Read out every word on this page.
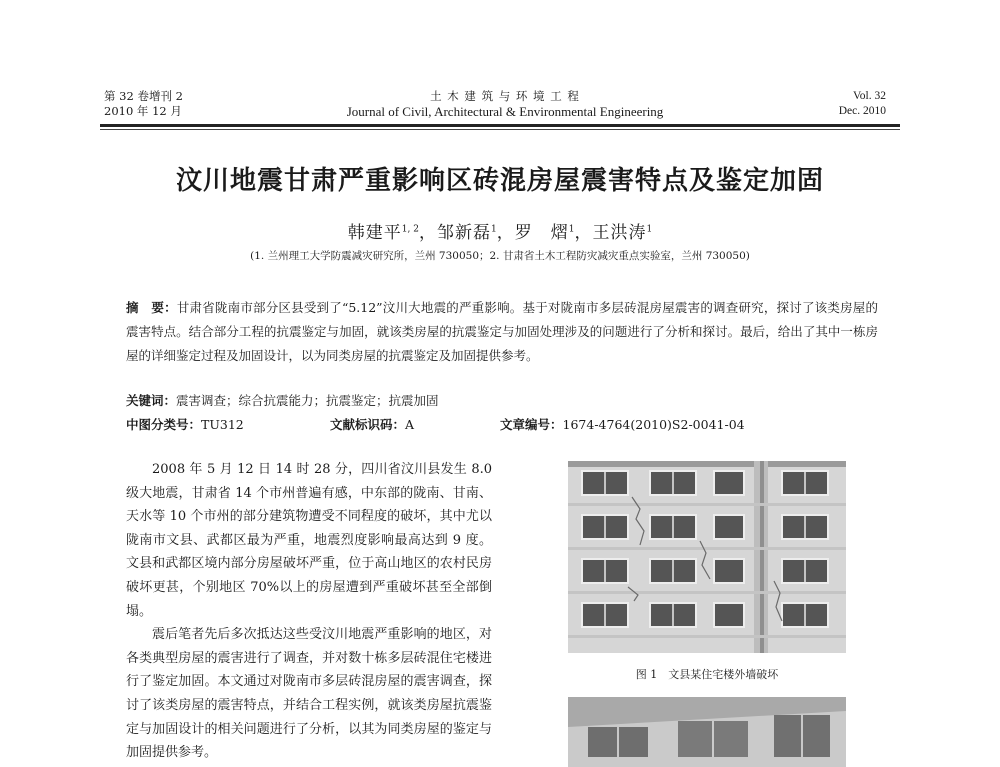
第 32 卷增刊 2
2010 年 12 月
土 木 建 筑 与 环 境 工 程
Journal of Civil, Architectural & Environmental Engineering
Vol. 32
Dec. 2010
汶川地震甘肃严重影响区砖混房屋震害特点及鉴定加固
韩建平$^{1, 2}$，邹新磊$^1$，罗　熠$^1$，王洪涛$^1$
(1. 兰州理工大学防震减灾研究所，兰州 730050；2. 甘肃省土木工程防灾减灾重点实验室，兰州 730050)
摘　要：甘肃省陇南市部分区县受到了“5.12”汶川大地震的严重影响。基于对陇南市多层砖混房屋震害的调查研究，探讨了该类房屋的震害特点。结合部分工程的抗震鉴定与加固，就该类房屋的抗震鉴定与加固处理涉及的问题进行了分析和探讨。最后，给出了其中一栋房屋的详细鉴定过程及加固设计，以为同类房屋的抗震鉴定及加固提供参考。
关键词：震害调查；综合抗震能力；抗震鉴定；抗震加固
中图分类号：TU312	文献标识码：A	文章编号：1674-4764(2010)S2-0041-04

2008 年 5 月 12 日 14 时 28 分，四川省汶川县发生 8.0 级大地震，甘肃省 14 个市州普遍有感，中东部的陇南、甘南、天水等 10 个市州的部分建筑物遭受不同程度的破坏，其中尤以陇南市文县、武都区最为严重，地震烈度影响最高达到 9 度。文县和武都区境内部分房屋破坏严重，位于高山地区的农村民房破坏更甚，个别地区 70%以上的房屋遭到严重破坏甚至全部倒塌。

震后笔者先后多次抵达这些受汶川地震严重影响的地区，对各类典型房屋的震害进行了调查，并对数十栋多层砖混住宅楼进行了鉴定加固。本文通过对陇南市多层砖混房屋的震害调查，探讨了该类房屋的震害特点，并结合工程实例，就该类房屋抗震鉴定与加固设计的相关问题进行了分析，以其为同类房屋的鉴定与加固提供参考。

图 1　文县某住宅楼外墙破坏
